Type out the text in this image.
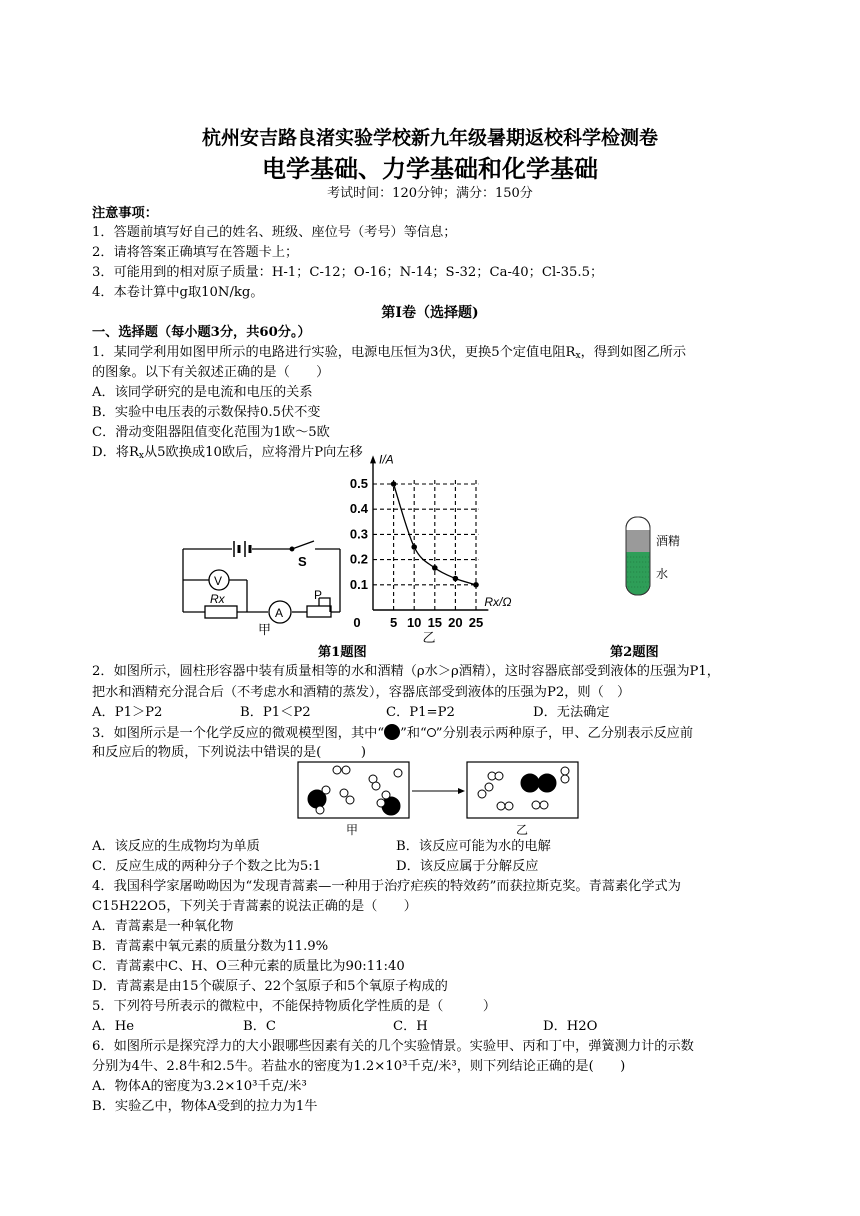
杭州安吉路良渚实验学校新九年级暑期返校科学检测卷
电学基础、力学基础和化学基础
考试时间：120分钟；满分：150分
注意事项：
1．答题前填写好自己的姓名、班级、座位号（考号）等信息；
2．请将答案正确填写在答题卡上；
3．可能用到的相对原子质量：H-1；C-12；O-16；N-14；S-32；Ca-40；Cl-35.5；
4．本卷计算中g取10N/kg。
第I卷（选择题)
一、选择题（每小题3分，共60分。）
1．某同学利用如图甲所示的电路进行实验，电源电压恒为3伏，更换5个定值电阻$R_x$，得到如图乙所示
的图象。以下有关叙述正确的是（　　）
A．该同学研究的是电流和电压的关系
B．实验中电压表的示数保持0.5伏不变
C．滑动变阻器阻值变化范围为1欧～5欧
D．将$R_x$从5欧换成10欧后，应将滑片P向左移
V
A
Rx
S
P
甲	0 5 10 15 20 25
0.1
0.2
0.3
0.4
0.5
Rx/Ω
I/A
乙
酒精
水
第1题图	第2题图
2．如图所示，圆柱形容器中装有质量相等的水和酒精（ρ水＞ρ酒精），这时容器底部受到液体的压强为P1，
把水和酒精充分混合后（不考虑水和酒精的蒸发），容器底部受到液体的压强为P2，则（　）
A．P1＞P2	B．P1＜P2	C．P1=P2	D．无法确定
3．如图所示是一个化学反应的微观模型图，其中“ ”和“ ”分别表示两种原子，甲、乙分别表示反应前
和反应后的物质，下列说法中错误的是(　　　)
甲	乙
A．该反应的生成物均为单质	B．该反应可能为水的电解
C．反应生成的两种分子个数之比为5:1	D．该反应属于分解反应
4．我国科学家屠呦呦因为“发现青蒿素—一种用于治疗疟疾的特效药”而获拉斯克奖。青蒿素化学式为
C15H22O5，下列关于青蒿素的说法正确的是（　　）
A．青蒿素是一种氧化物
B．青蒿素中氧元素的质量分数为11.9%
C．青蒿素中C、H、O三种元素的质量比为90:11:40
D．青蒿素是由15个碳原子、22个氢原子和5个氧原子构成的
5．下列符号所表示的微粒中，不能保持物质化学性质的是（　　　）
A．He	B．C	C．H	D．H2O
6．如图所示是探究浮力的大小跟哪些因素有关的几个实验情景。实验甲、丙和丁中，弹簧测力计的示数
分别为4牛、2.8牛和2.5牛。若盐水的密度为1.2×10³千克/米³，则下列结论正确的是(　　)
A．物体A的密度为3.2×10³千克/米³
B．实验乙中，物体A受到的拉力为1牛
